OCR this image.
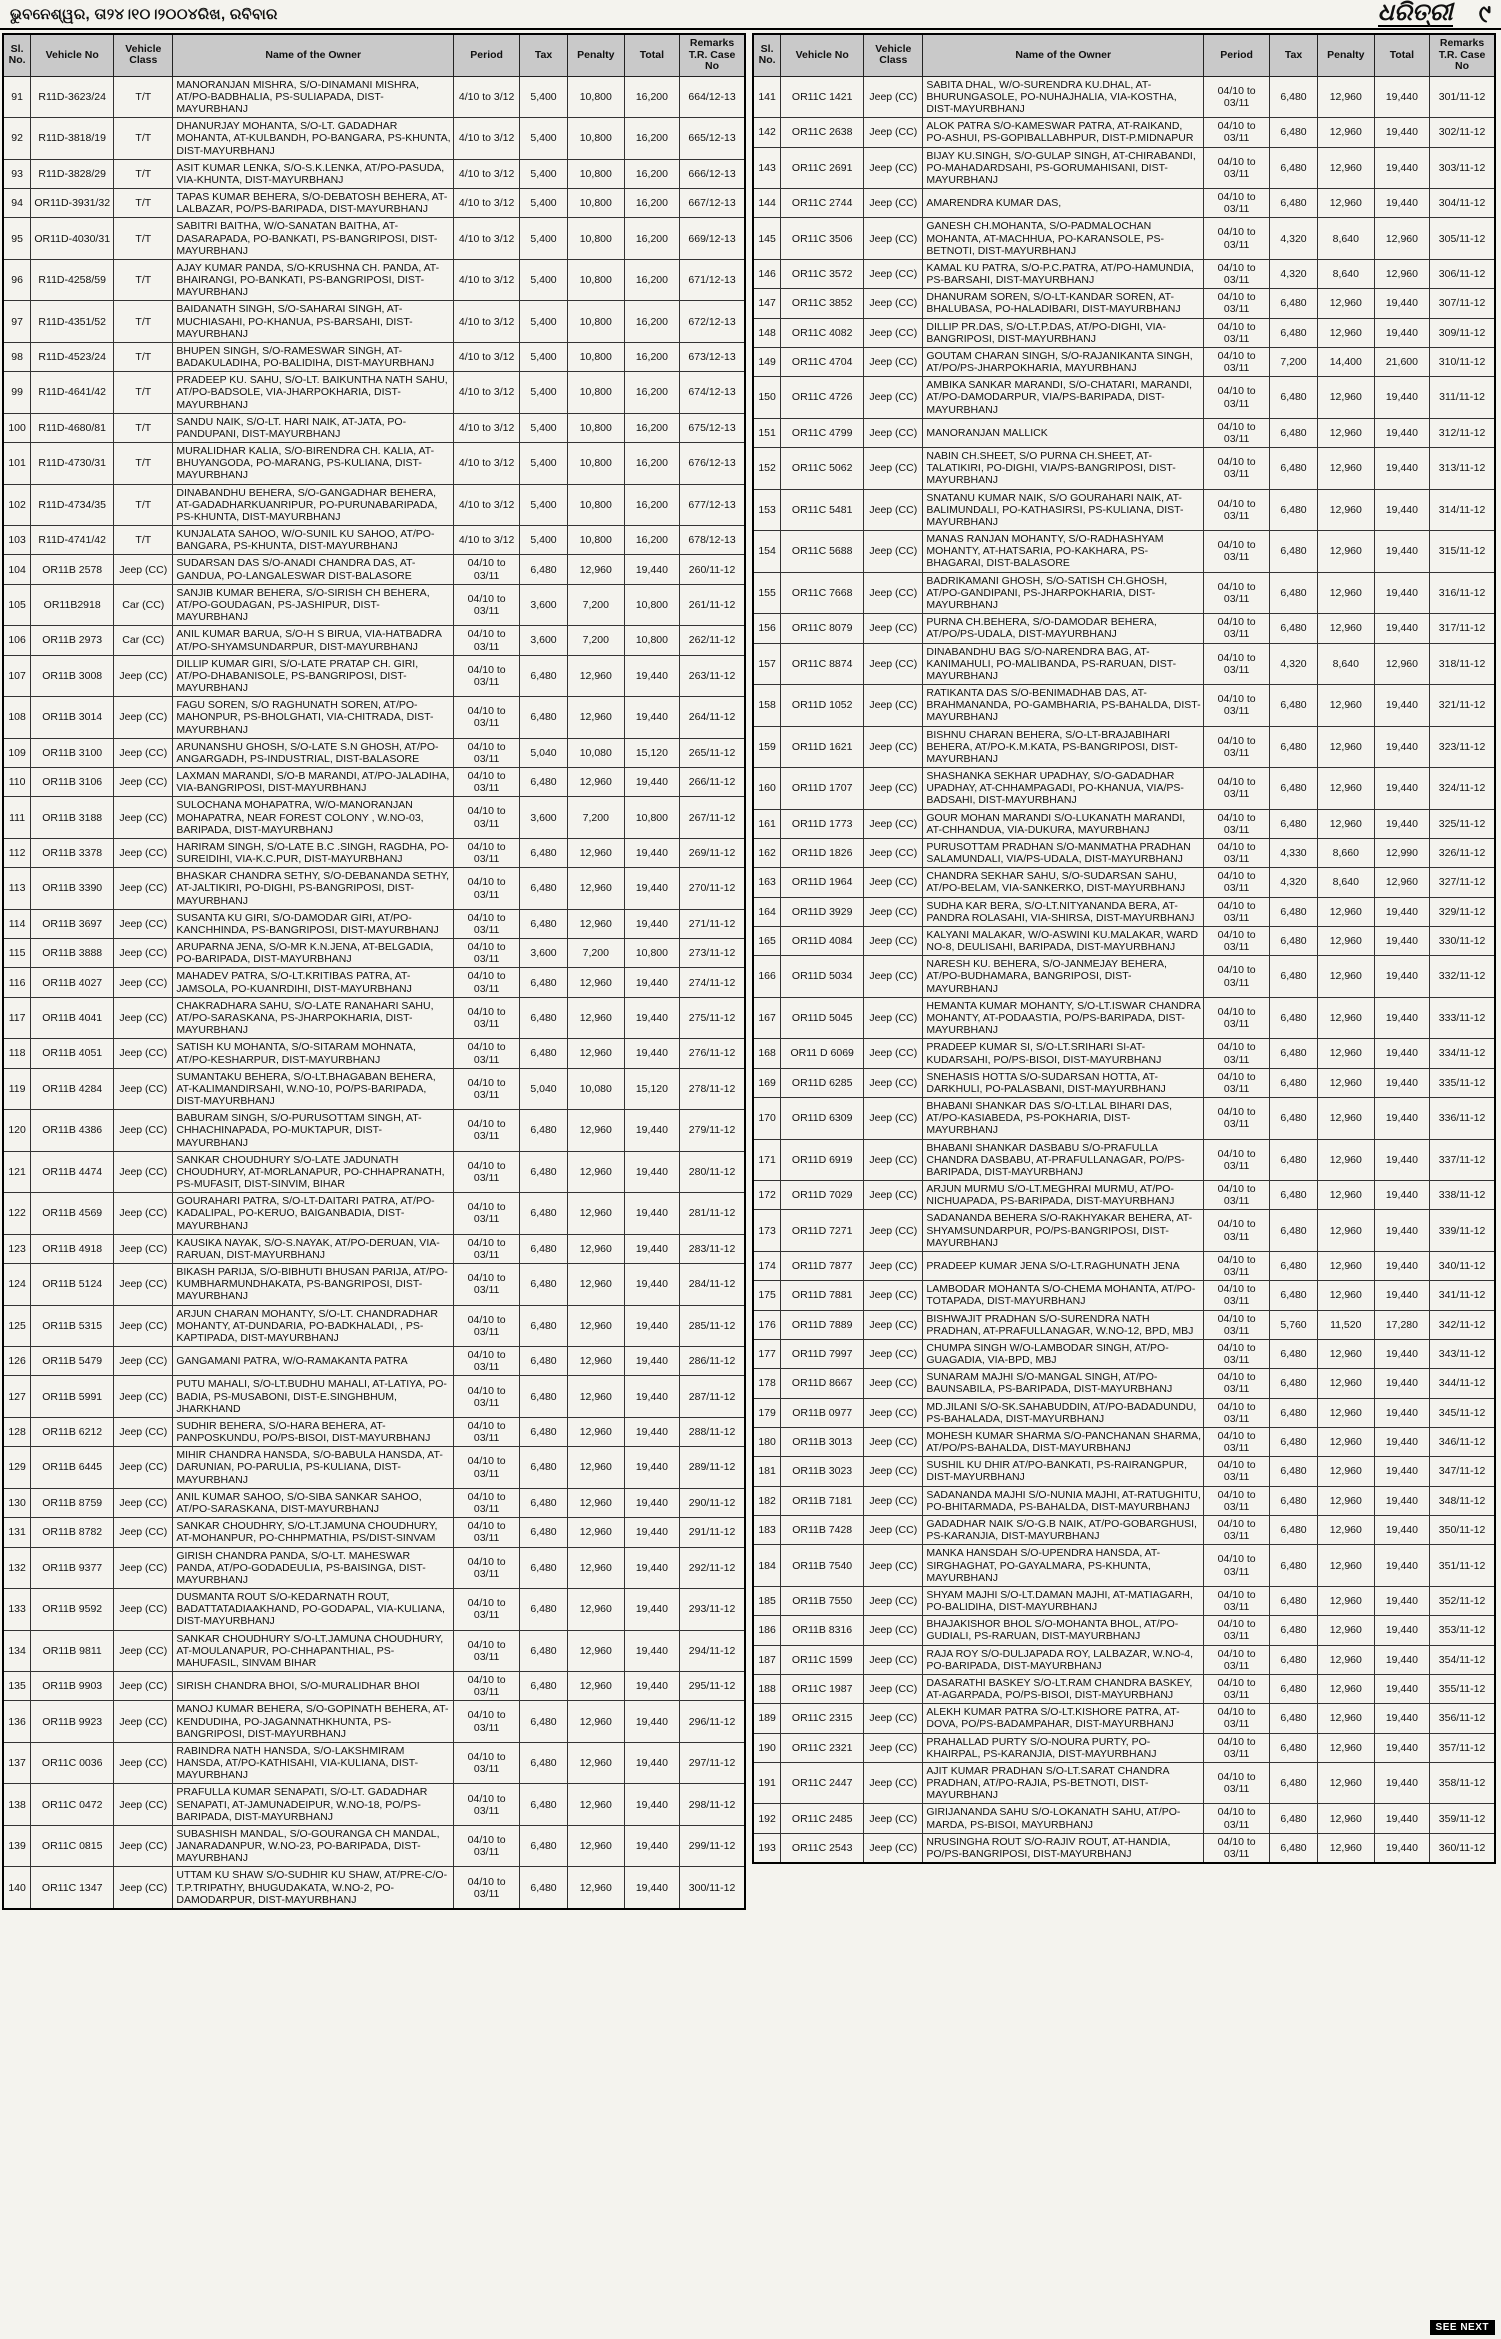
ଭୁବନେଶ୍ୱର, ତା୨୪।୧୦।୨୦୦୪ରିଖ, ରବିବାର	ଧରିତ୍ରୀ ୯
Sl. No.	Vehicle No	Vehicle Class	Name of the Owner	Period	Tax	Penalty	Total	Remarks T.R. Case No
91	R11D-3623/24	T/T	MANORANJAN MISHRA, S/O-DINAMANI MISHRA, AT/PO-BADBHALIA, PS-SULIAPADA, DIST-MAYURBHANJ	4/10 to 3/12	5,400	10,800	16,200	664/12-13
92	R11D-3818/19	T/T	DHANURJAY MOHANTA, S/O-LT. GADADHAR MOHANTA, AT-KULBANDH, PO-BANGARA, PS-KHUNTA, DIST-MAYURBHANJ	4/10 to 3/12	5,400	10,800	16,200	665/12-13
93	R11D-3828/29	T/T	ASIT KUMAR LENKA, S/O-S.K.LENKA, AT/PO-PASUDA, VIA-KHUNTA, DIST-MAYURBHANJ	4/10 to 3/12	5,400	10,800	16,200	666/12-13
94	OR11D-3931/32	T/T	TAPAS KUMAR BEHERA, S/O-DEBATOSH BEHERA, AT-LALBAZAR, PO/PS-BARIPADA, DIST-MAYURBHANJ	4/10 to 3/12	5,400	10,800	16,200	667/12-13
95	OR11D-4030/31	T/T	SABITRI BAITHA, W/O-SANATAN BAITHA, AT-DASARAPADA, PO-BANKATI, PS-BANGRIPOSI, DIST-MAYURBHANJ	4/10 to 3/12	5,400	10,800	16,200	669/12-13
96	R11D-4258/59	T/T	AJAY KUMAR PANDA, S/O-KRUSHNA CH. PANDA, AT-BHAIRANGI, PO-BANKATI, PS-BANGRIPOSI, DIST-MAYURBHANJ	4/10 to 3/12	5,400	10,800	16,200	671/12-13
97	R11D-4351/52	T/T	BAIDANATH SINGH, S/O-SAHARAI SINGH, AT-MUCHIASAHI, PO-KHANUA, PS-BARSAHI, DIST-MAYURBHANJ	4/10 to 3/12	5,400	10,800	16,200	672/12-13
98	R11D-4523/24	T/T	BHUPEN SINGH, S/O-RAMESWAR SINGH, AT-BADAKULADIHA, PO-BALIDIHA, DIST-MAYURBHANJ	4/10 to 3/12	5,400	10,800	16,200	673/12-13
99	R11D-4641/42	T/T	PRADEEP KU. SAHU, S/O-LT. BAIKUNTHA NATH SAHU, AT/PO-BADSOLE, VIA-JHARPOKHARIA, DIST-MAYURBHANJ	4/10 to 3/12	5,400	10,800	16,200	674/12-13
100	R11D-4680/81	T/T	SANDU NAIK, S/O-LT. HARI NAIK, AT-JATA, PO-PANDUPANI, DIST-MAYURBHANJ	4/10 to 3/12	5,400	10,800	16,200	675/12-13
101	R11D-4730/31	T/T	MURALIDHAR KALIA, S/O-BIRENDRA CH. KALIA, AT-BHUYANGODA, PO-MARANG, PS-KULIANA, DIST-MAYURBHANJ	4/10 to 3/12	5,400	10,800	16,200	676/12-13
102	R11D-4734/35	T/T	DINABANDHU BEHERA, S/O-GANGADHAR BEHERA, AT-GADADHARKUANRIPUR, PO-PURUNABARIPADA, PS-KHUNTA, DIST-MAYURBHANJ	4/10 to 3/12	5,400	10,800	16,200	677/12-13
103	R11D-4741/42	T/T	KUNJALATA SAHOO, W/O-SUNIL KU SAHOO, AT/PO-BANGARA, PS-KHUNTA, DIST-MAYURBHANJ	4/10 to 3/12	5,400	10,800	16,200	678/12-13
104	OR11B 2578	Jeep (CC)	SUDARSAN DAS S/O-ANADI CHANDRA DAS, AT-GANDUA, PO-LANGALESWAR DIST-BALASORE	04/10 to 03/11	6,480	12,960	19,440	260/11-12
105	OR11B2918	Car (CC)	SANJIB KUMAR BEHERA, S/O-SIRISH CH BEHERA, AT/PO-GOUDAGAN, PS-JASHIPUR, DIST-MAYURBHANJ	04/10 to 03/11	3,600	7,200	10,800	261/11-12
106	OR11B 2973	Car (CC)	ANIL KUMAR BARUA, S/O-H S BIRUA, VIA-HATBADRA AT/PO-SHYAMSUNDARPUR, DIST-MAYURBHANJ	04/10 to 03/11	3,600	7,200	10,800	262/11-12
107	OR11B 3008	Jeep (CC)	DILLIP KUMAR GIRI, S/O-LATE PRATAP CH. GIRI, AT/PO-DHABANISOLE, PS-BANGRIPOSI, DIST-MAYURBHANJ	04/10 to 03/11	6,480	12,960	19,440	263/11-12
108	OR11B 3014	Jeep (CC)	FAGU SOREN, S/O RAGHUNATH SOREN, AT/PO-MAHONPUR, PS-BHOLGHATI, VIA-CHITRADA, DIST-MAYURBHANJ	04/10 to 03/11	6,480	12,960	19,440	264/11-12
109	OR11B 3100	Jeep (CC)	ARUNANSHU GHOSH, S/O-LATE S.N GHOSH, AT/PO-ANGARGADH, PS-INDUSTRIAL, DIST-BALASORE	04/10 to 03/11	5,040	10,080	15,120	265/11-12
110	OR11B 3106	Jeep (CC)	LAXMAN MARANDI, S/O-B MARANDI, AT/PO-JALADIHA, VIA-BANGRIPOSI, DIST-MAYURBHANJ	04/10 to 03/11	6,480	12,960	19,440	266/11-12
111	OR11B 3188	Jeep (CC)	SULOCHANA MOHAPATRA, W/O-MANORANJAN MOHAPATRA, NEAR FOREST COLONY , W.NO-03, BARIPADA, DIST-MAYURBHANJ	04/10 to 03/11	3,600	7,200	10,800	267/11-12
112	OR11B 3378	Jeep (CC)	HARIRAM SINGH, S/O-LATE B.C .SINGH, RAGDHA, PO-SUREIDIHI, VIA-K.C.PUR, DIST-MAYURBHANJ	04/10 to 03/11	6,480	12,960	19,440	269/11-12
113	OR11B 3390	Jeep (CC)	BHASKAR CHANDRA SETHY, S/O-DEBANANDA SETHY, AT-JALTIKIRI, PO-DIGHI, PS-BANGRIPOSI, DIST-MAYURBHANJ	04/10 to 03/11	6,480	12,960	19,440	270/11-12
114	OR11B 3697	Jeep (CC)	SUSANTA KU GIRI, S/O-DAMODAR GIRI, AT/PO-KANCHHINDA, PS-BANGRIPOSI, DIST-MAYURBHANJ	04/10 to 03/11	6,480	12,960	19,440	271/11-12
115	OR11B 3888	Jeep (CC)	ARUPARNA JENA, S/O-MR K.N.JENA, AT-BELGADIA, PO-BARIPADA, DIST-MAYURBHANJ	04/10 to 03/11	3,600	7,200	10,800	273/11-12
116	OR11B 4027	Jeep (CC)	MAHADEV PATRA, S/O-LT.KRITIBAS PATRA, AT-JAMSOLA, PO-KUANRDIHI, DIST-MAYURBHANJ	04/10 to 03/11	6,480	12,960	19,440	274/11-12
117	OR11B 4041	Jeep (CC)	CHAKRADHARA SAHU, S/O-LATE RANAHARI SAHU, AT/PO-SARASKANA, PS-JHARPOKHARIA, DIST-MAYURBHANJ	04/10 to 03/11	6,480	12,960	19,440	275/11-12
118	OR11B 4051	Jeep (CC)	SATISH KU MOHANTA, S/O-SITARAM MOHNATA, AT/PO-KESHARPUR, DIST-MAYURBHANJ	04/10 to 03/11	6,480	12,960	19,440	276/11-12
119	OR11B 4284	Jeep (CC)	SUMANTAKU BEHERA, S/O-LT.BHAGABAN BEHERA, AT-KALIMANDIRSAHI, W.NO-10, PO/PS-BARIPADA, DIST-MAYURBHANJ	04/10 to 03/11	5,040	10,080	15,120	278/11-12
120	OR11B 4386	Jeep (CC)	BABURAM SINGH, S/O-PURUSOTTAM SINGH, AT-CHHACHINAPADA, PO-MUKTAPUR, DIST-MAYURBHANJ	04/10 to 03/11	6,480	12,960	19,440	279/11-12
121	OR11B 4474	Jeep (CC)	SANKAR CHOUDHURY S/O-LATE JADUNATH CHOUDHURY, AT-MORLANAPUR, PO-CHHAPRANATH, PS-MUFASIT, DIST-SINVIM, BIHAR	04/10 to 03/11	6,480	12,960	19,440	280/11-12
122	OR11B 4569	Jeep (CC)	GOURAHARI PATRA, S/O-LT-DAITARI PATRA, AT/PO-KADALIPAL, PO-KERUO, BAIGANBADIA, DIST-MAYURBHANJ	04/10 to 03/11	6,480	12,960	19,440	281/11-12
123	OR11B 4918	Jeep (CC)	KAUSIKA NAYAK, S/O-S.NAYAK, AT/PO-DERUAN, VIA-RARUAN, DIST-MAYURBHANJ	04/10 to 03/11	6,480	12,960	19,440	283/11-12
124	OR11B 5124	Jeep (CC)	BIKASH PARIJA, S/O-BIBHUTI BHUSAN PARIJA, AT/PO-KUMBHARMUNDHAKATA, PS-BANGRIPOSI, DIST-MAYURBHANJ	04/10 to 03/11	6,480	12,960	19,440	284/11-12
125	OR11B 5315	Jeep (CC)	ARJUN CHARAN MOHANTY, S/O-LT. CHANDRADHAR MOHANTY, AT-DUNDARIA, PO-BADKHALADI, , PS-KAPTIPADA, DIST-MAYURBHANJ	04/10 to 03/11	6,480	12,960	19,440	285/11-12
126	OR11B 5479	Jeep (CC)	GANGAMANI PATRA, W/O-RAMAKANTA PATRA	04/10 to 03/11	6,480	12,960	19,440	286/11-12
127	OR11B 5991	Jeep (CC)	PUTU MAHALI, S/O-LT.BUDHU MAHALI, AT-LATIYA, PO-BADIA, PS-MUSABONI, DIST-E.SINGHBHUM, JHARKHAND	04/10 to 03/11	6,480	12,960	19,440	287/11-12
128	OR11B 6212	Jeep (CC)	SUDHIR BEHERA, S/O-HARA BEHERA, AT-PANPOSKUNDU, PO/PS-BISOI, DIST-MAYURBHANJ	04/10 to 03/11	6,480	12,960	19,440	288/11-12
129	OR11B 6445	Jeep (CC)	MIHIR CHANDRA HANSDA, S/O-BABULA HANSDA, AT-DARUNIAN, PO-PARULIA, PS-KULIANA, DIST-MAYURBHANJ	04/10 to 03/11	6,480	12,960	19,440	289/11-12
130	OR11B 8759	Jeep (CC)	ANIL KUMAR SAHOO, S/O-SIBA SANKAR SAHOO, AT/PO-SARASKANA, DIST-MAYURBHANJ	04/10 to 03/11	6,480	12,960	19,440	290/11-12
131	OR11B 8782	Jeep (CC)	SANKAR CHOUDHRY, S/O-LT.JAMUNA CHOUDHURY, AT-MOHANPUR, PO-CHHPMATHIA, PS/DIST-SINVAM	04/10 to 03/11	6,480	12,960	19,440	291/11-12
132	OR11B 9377	Jeep (CC)	GIRISH CHANDRA PANDA, S/O-LT. MAHESWAR PANDA, AT/PO-GODADEULIA, PS-BAISINGA, DIST-MAYURBHANJ	04/10 to 03/11	6,480	12,960	19,440	292/11-12
133	OR11B 9592	Jeep (CC)	DUSMANTA ROUT S/O-KEDARNATH ROUT, BADATTATADIAAKHAND, PO-GODAPAL, VIA-KULIANA, DIST-MAYURBHANJ	04/10 to 03/11	6,480	12,960	19,440	293/11-12
134	OR11B 9811	Jeep (CC)	SANKAR CHOUDHURY S/O-LT.JAMUNA CHOUDHURY, AT-MOULANAPUR, PO-CHHAPANTHIAL, PS-MAHUFASIL, SINVAM BIHAR	04/10 to 03/11	6,480	12,960	19,440	294/11-12
135	OR11B 9903	Jeep (CC)	SIRISH CHANDRA BHOI, S/O-MURALIDHAR BHOI	04/10 to 03/11	6,480	12,960	19,440	295/11-12
136	OR11B 9923	Jeep (CC)	MANOJ KUMAR BEHERA, S/O-GOPINATH BEHERA, AT-KENDUDIHA, PO-JAGANNATHKHUNTA, PS-BANGRIPOSI, DIST-MAYURBHANJ	04/10 to 03/11	6,480	12,960	19,440	296/11-12
137	OR11C 0036	Jeep (CC)	RABINDRA NATH HANSDA, S/O-LAKSHMIRAM HANSDA, AT/PO-KATHISAHI, VIA-KULIANA, DIST-MAYURBHANJ	04/10 to 03/11	6,480	12,960	19,440	297/11-12
138	OR11C 0472	Jeep (CC)	PRAFULLA KUMAR SENAPATI, S/O-LT. GADADHAR SENAPATI, AT-JAMUNADEIPUR, W.NO-18, PO/PS-BARIPADA, DIST-MAYURBHANJ	04/10 to 03/11	6,480	12,960	19,440	298/11-12
139	OR11C 0815	Jeep (CC)	SUBASHISH MANDAL, S/O-GOURANGA CH MANDAL, JANARADANPUR, W.NO-23, PO-BARIPADA, DIST-MAYURBHANJ	04/10 to 03/11	6,480	12,960	19,440	299/11-12
140	OR11C 1347	Jeep (CC)	UTTAM KU SHAW S/O-SUDHIR KU SHAW, AT/PRE-C/O-T.P.TRIPATHY, BHUGUDAKATA, W.NO-2, PO-DAMODARPUR, DIST-MAYURBHANJ	04/10 to 03/11	6,480	12,960	19,440	300/11-12
Sl. No.	Vehicle No	Vehicle Class	Name of the Owner	Period	Tax	Penalty	Total	Remarks T.R. Case No
141	OR11C 1421	Jeep (CC)	SABITA DHAL, W/O-SURENDRA KU.DHAL, AT-BHURUNGASOLE, PO-NUHAJHALIA, VIA-KOSTHA, DIST-MAYURBHANJ	04/10 to 03/11	6,480	12,960	19,440	301/11-12
142	OR11C 2638	Jeep (CC)	ALOK PATRA S/O-KAMESWAR PATRA, AT-RAIKAND, PO-ASHUI, PS-GOPIBALLABHPUR, DIST-P.MIDNAPUR	04/10 to 03/11	6,480	12,960	19,440	302/11-12
143	OR11C 2691	Jeep (CC)	BIJAY KU.SINGH, S/O-GULAP SINGH, AT-CHIRABANDI, PO-MAHADARDSAHI, PS-GORUMAHISANI, DIST-MAYURBHANJ	04/10 to 03/11	6,480	12,960	19,440	303/11-12
144	OR11C 2744	Jeep (CC)	AMARENDRA KUMAR DAS,	04/10 to 03/11	6,480	12,960	19,440	304/11-12
145	OR11C 3506	Jeep (CC)	GANESH CH.MOHANTA, S/O-PADMALOCHAN MOHANTA, AT-MACHHUA, PO-KARANSOLE, PS-BETNOTI, DIST-MAYURBHANJ	04/10 to 03/11	4,320	8,640	12,960	305/11-12
146	OR11C 3572	Jeep (CC)	KAMAL KU PATRA, S/O-P.C.PATRA, AT/PO-HAMUNDIA, PS-BARSAHI, DIST-MAYURBHANJ	04/10 to 03/11	4,320	8,640	12,960	306/11-12
147	OR11C 3852	Jeep (CC)	DHANURAM SOREN, S/O-LT-KANDAR SOREN, AT-BHALUBASA, PO-HALADIBARI, DIST-MAYURBHANJ	04/10 to 03/11	6,480	12,960	19,440	307/11-12
148	OR11C 4082	Jeep (CC)	DILLIP PR.DAS, S/O-LT.P.DAS, AT/PO-DIGHI, VIA-BANGRIPOSI, DIST-MAYURBHANJ	04/10 to 03/11	6,480	12,960	19,440	309/11-12
149	OR11C 4704	Jeep (CC)	GOUTAM CHARAN SINGH, S/O-RAJANIKANTA SINGH, AT/PO/PS-JHARPOKHARIA, MAYURBHANJ	04/10 to 03/11	7,200	14,400	21,600	310/11-12
150	OR11C 4726	Jeep (CC)	AMBIKA SANKAR MARANDI, S/O-CHATARI, MARANDI, AT/PO-DAMODARPUR, VIA/PS-BARIPADA, DIST-MAYURBHANJ	04/10 to 03/11	6,480	12,960	19,440	311/11-12
151	OR11C 4799	Jeep (CC)	MANORANJAN MALLICK	04/10 to 03/11	6,480	12,960	19,440	312/11-12
152	OR11C 5062	Jeep (CC)	NABIN CH.SHEET, S/O PURNA CH.SHEET, AT-TALATIKIRI, PO-DIGHI, VIA/PS-BANGRIPOSI, DIST-MAYURBHANJ	04/10 to 03/11	6,480	12,960	19,440	313/11-12
153	OR11C 5481	Jeep (CC)	SNATANU KUMAR NAIK, S/O GOURAHARI NAIK, AT-BALIMUNDALI, PO-KATHASIRSI, PS-KULIANA, DIST-MAYURBHANJ	04/10 to 03/11	6,480	12,960	19,440	314/11-12
154	OR11C 5688	Jeep (CC)	MANAS RANJAN MOHANTY, S/O-RADHASHYAM MOHANTY, AT-HATSARIA, PO-KAKHARA, PS-BHAGARAI, DIST-BALASORE	04/10 to 03/11	6,480	12,960	19,440	315/11-12
155	OR11C 7668	Jeep (CC)	BADRIKAMANI GHOSH, S/O-SATISH CH.GHOSH, AT/PO-GANDIPANI, PS-JHARPOKHARIA, DIST-MAYURBHANJ	04/10 to 03/11	6,480	12,960	19,440	316/11-12
156	OR11C 8079	Jeep (CC)	PURNA CH.BEHERA, S/O-DAMODAR BEHERA, AT/PO/PS-UDALA, DIST-MAYURBHANJ	04/10 to 03/11	6,480	12,960	19,440	317/11-12
157	OR11C 8874	Jeep (CC)	DINABANDHU BAG S/O-NARENDRA BAG, AT-KANIMAHULI, PO-MALIBANDA, PS-RARUAN, DIST-MAYURBHANJ	04/10 to 03/11	4,320	8,640	12,960	318/11-12
158	OR11D 1052	Jeep (CC)	RATIKANTA DAS S/O-BENIMADHAB DAS, AT-BRAHMANANDA, PO-GAMBHARIA, PS-BAHALDA, DIST-MAYURBHANJ	04/10 to 03/11	6,480	12,960	19,440	321/11-12
159	OR11D 1621	Jeep (CC)	BISHNU CHARAN BEHERA, S/O-LT-BRAJABIHARI BEHERA, AT/PO-K.M.KATA, PS-BANGRIPOSI, DIST-MAYURBHANJ	04/10 to 03/11	6,480	12,960	19,440	323/11-12
160	OR11D 1707	Jeep (CC)	SHASHANKA SEKHAR UPADHAY, S/O-GADADHAR UPADHAY, AT-CHHAMPAGADI, PO-KHANUA, VIA/PS-BADSAHI, DIST-MAYURBHANJ	04/10 to 03/11	6,480	12,960	19,440	324/11-12
161	OR11D 1773	Jeep (CC)	GOUR MOHAN MARANDI S/O-LUKANATH MARANDI, AT-CHHANDUA, VIA-DUKURA, MAYURBHANJ	04/10 to 03/11	6,480	12,960	19,440	325/11-12
162	OR11D 1826	Jeep (CC)	PURUSOTTAM PRADHAN S/O-MANMATHA PRADHAN SALAMUNDALI, VIA/PS-UDALA, DIST-MAYURBHANJ	04/10 to 03/11	4,330	8,660	12,990	326/11-12
163	OR11D 1964	Jeep (CC)	CHANDRA SEKHAR SAHU, S/O-SUDARSAN SAHU, AT/PO-BELAM, VIA-SANKERKO, DIST-MAYURBHANJ	04/10 to 03/11	4,320	8,640	12,960	327/11-12
164	OR11D 3929	Jeep (CC)	SUDHA KAR BERA, S/O-LT.NITYANANDA BERA, AT-PANDRA ROLASAHI, VIA-SHIRSA, DIST-MAYURBHANJ	04/10 to 03/11	6,480	12,960	19,440	329/11-12
165	OR11D 4084	Jeep (CC)	KALYANI MALAKAR, W/O-ASWINI KU.MALAKAR, WARD NO-8, DEULISAHI, BARIPADA, DIST-MAYURBHANJ	04/10 to 03/11	6,480	12,960	19,440	330/11-12
166	OR11D 5034	Jeep (CC)	NARESH KU. BEHERA, S/O-JANMEJAY BEHERA, AT/PO-BUDHAMARA, BANGRIPOSI, DIST-MAYURBHANJ	04/10 to 03/11	6,480	12,960	19,440	332/11-12
167	OR11D 5045	Jeep (CC)	HEMANTA KUMAR MOHANTY, S/O-LT.ISWAR CHANDRA MOHANTY, AT-PODAASTIA, PO/PS-BARIPADA, DIST-MAYURBHANJ	04/10 to 03/11	6,480	12,960	19,440	333/11-12
168	OR11 D 6069	Jeep (CC)	PRADEEP KUMAR SI, S/O-LT.SRIHARI SI-AT-KUDARSAHI, PO/PS-BISOI, DIST-MAYURBHANJ	04/10 to 03/11	6,480	12,960	19,440	334/11-12
169	OR11D 6285	Jeep (CC)	SNEHASIS HOTTA S/O-SUDARSAN HOTTA, AT-DARKHULI, PO-PALASBANI, DIST-MAYURBHANJ	04/10 to 03/11	6,480	12,960	19,440	335/11-12
170	OR11D 6309	Jeep (CC)	BHABANI SHANKAR DAS S/O-LT.LAL BIHARI DAS, AT/PO-KASIABEDA, PS-POKHARIA, DIST-MAYURBHANJ	04/10 to 03/11	6,480	12,960	19,440	336/11-12
171	OR11D 6919	Jeep (CC)	BHABANI SHANKAR DASBABU S/O-PRAFULLA CHANDRA DASBABU, AT-PRAFULLANAGAR, PO/PS-BARIPADA, DIST-MAYURBHANJ	04/10 to 03/11	6,480	12,960	19,440	337/11-12
172	OR11D 7029	Jeep (CC)	ARJUN MURMU S/O-LT.MEGHRAI MURMU, AT/PO-NICHUAPADA, PS-BARIPADA, DIST-MAYURBHANJ	04/10 to 03/11	6,480	12,960	19,440	338/11-12
173	OR11D 7271	Jeep (CC)	SADANANDA BEHERA S/O-RAKHYAKAR BEHERA, AT-SHYAMSUNDARPUR, PO/PS-BANGRIPOSI, DIST-MAYURBHANJ	04/10 to 03/11	6,480	12,960	19,440	339/11-12
174	OR11D 7877	Jeep (CC)	PRADEEP KUMAR JENA S/O-LT.RAGHUNATH JENA	04/10 to 03/11	6,480	12,960	19,440	340/11-12
175	OR11D 7881	Jeep (CC)	LAMBODAR MOHANTA S/O-CHEMA MOHANTA, AT/PO-TOTAPADA, DIST-MAYURBHANJ	04/10 to 03/11	6,480	12,960	19,440	341/11-12
176	OR11D 7889	Jeep (CC)	BISHWAJIT PRADHAN S/O-SURENDRA NATH PRADHAN, AT-PRAFULLANAGAR, W.NO-12, BPD, MBJ	04/10 to 03/11	5,760	11,520	17,280	342/11-12
177	OR11D 7997	Jeep (CC)	CHUMPA SINGH W/O-LAMBODAR SINGH, AT/PO-GUAGADIA, VIA-BPD, MBJ	04/10 to 03/11	6,480	12,960	19,440	343/11-12
178	OR11D 8667	Jeep (CC)	SUNARAM MAJHI S/O-MANGAL SINGH, AT/PO-BAUNSABILA, PS-BARIPADA, DIST-MAYURBHANJ	04/10 to 03/11	6,480	12,960	19,440	344/11-12
179	OR11B 0977	Jeep (CC)	MD.JILANI S/O-SK.SAHABUDDIN, AT/PO-BADADUNDU, PS-BAHALADA, DIST-MAYURBHANJ	04/10 to 03/11	6,480	12,960	19,440	345/11-12
180	OR11B 3013	Jeep (CC)	MOHESH KUMAR SHARMA S/O-PANCHANAN SHARMA, AT/PO/PS-BAHALDA, DIST-MAYURBHANJ	04/10 to 03/11	6,480	12,960	19,440	346/11-12
181	OR11B 3023	Jeep (CC)	SUSHIL KU DHIR AT/PO-BANKATI, PS-RAIRANGPUR, DIST-MAYURBHANJ	04/10 to 03/11	6,480	12,960	19,440	347/11-12
182	OR11B 7181	Jeep (CC)	SADANANDA MAJHI S/O-NUNIA MAJHI, AT-RATUGHITU, PO-BHITARMADA, PS-BAHALDA, DIST-MAYURBHANJ	04/10 to 03/11	6,480	12,960	19,440	348/11-12
183	OR11B 7428	Jeep (CC)	GADADHAR NAIK S/O-G.B NAIK, AT/PO-GOBARGHUSI, PS-KARANJIA, DIST-MAYURBHANJ	04/10 to 03/11	6,480	12,960	19,440	350/11-12
184	OR11B 7540	Jeep (CC)	MANKA HANSDAH S/O-UPENDRA HANSDA, AT-SIRGHAGHAT, PO-GAYALMARA, PS-KHUNTA, MAYURBHANJ	04/10 to 03/11	6,480	12,960	19,440	351/11-12
185	OR11B 7550	Jeep (CC)	SHYAM MAJHI S/O-LT.DAMAN MAJHI, AT-MATIAGARH, PO-BALIDIHA, DIST-MAYURBHANJ	04/10 to 03/11	6,480	12,960	19,440	352/11-12
186	OR11B 8316	Jeep (CC)	BHAJAKISHOR BHOL S/O-MOHANTA BHOL, AT/PO-GUDIALI, PS-RARUAN, DIST-MAYURBHANJ	04/10 to 03/11	6,480	12,960	19,440	353/11-12
187	OR11C 1599	Jeep (CC)	RAJA ROY S/O-DULJAPADA ROY, LALBAZAR, W.NO-4, PO-BARIPADA, DIST-MAYURBHANJ	04/10 to 03/11	6,480	12,960	19,440	354/11-12
188	OR11C 1987	Jeep (CC)	DASARATHI BASKEY S/O-LT.RAM CHANDRA BASKEY, AT-AGARPADA, PO/PS-BISOI, DIST-MAYURBHANJ	04/10 to 03/11	6,480	12,960	19,440	355/11-12
189	OR11C 2315	Jeep (CC)	ALEKH KUMAR PATRA S/O-LT.KISHORE PATRA, AT-DOVA, PO/PS-BADAMPAHAR, DIST-MAYURBHANJ	04/10 to 03/11	6,480	12,960	19,440	356/11-12
190	OR11C 2321	Jeep (CC)	PRAHALLAD PURTY S/O-NOURA PURTY, PO-KHAIRPAL, PS-KARANJIA, DIST-MAYURBHANJ	04/10 to 03/11	6,480	12,960	19,440	357/11-12
191	OR11C 2447	Jeep (CC)	AJIT KUMAR PRADHAN S/O-LT.SARAT CHANDRA PRADHAN, AT/PO-RAJIA, PS-BETNOTI, DIST-MAYURBHANJ	04/10 to 03/11	6,480	12,960	19,440	358/11-12
192	OR11C 2485	Jeep (CC)	GIRIJANANDA SAHU S/O-LOKANATH SAHU, AT/PO-MARDA, PS-BISOI, MAYURBHANJ	04/10 to 03/11	6,480	12,960	19,440	359/11-12
193	OR11C 2543	Jeep (CC)	NRUSINGHA ROUT S/O-RAJIV ROUT, AT-HANDIA, PO/PS-BANGRIPOSI, DIST-MAYURBHANJ	04/10 to 03/11	6,480	12,960	19,440	360/11-12
SEE NEXT
